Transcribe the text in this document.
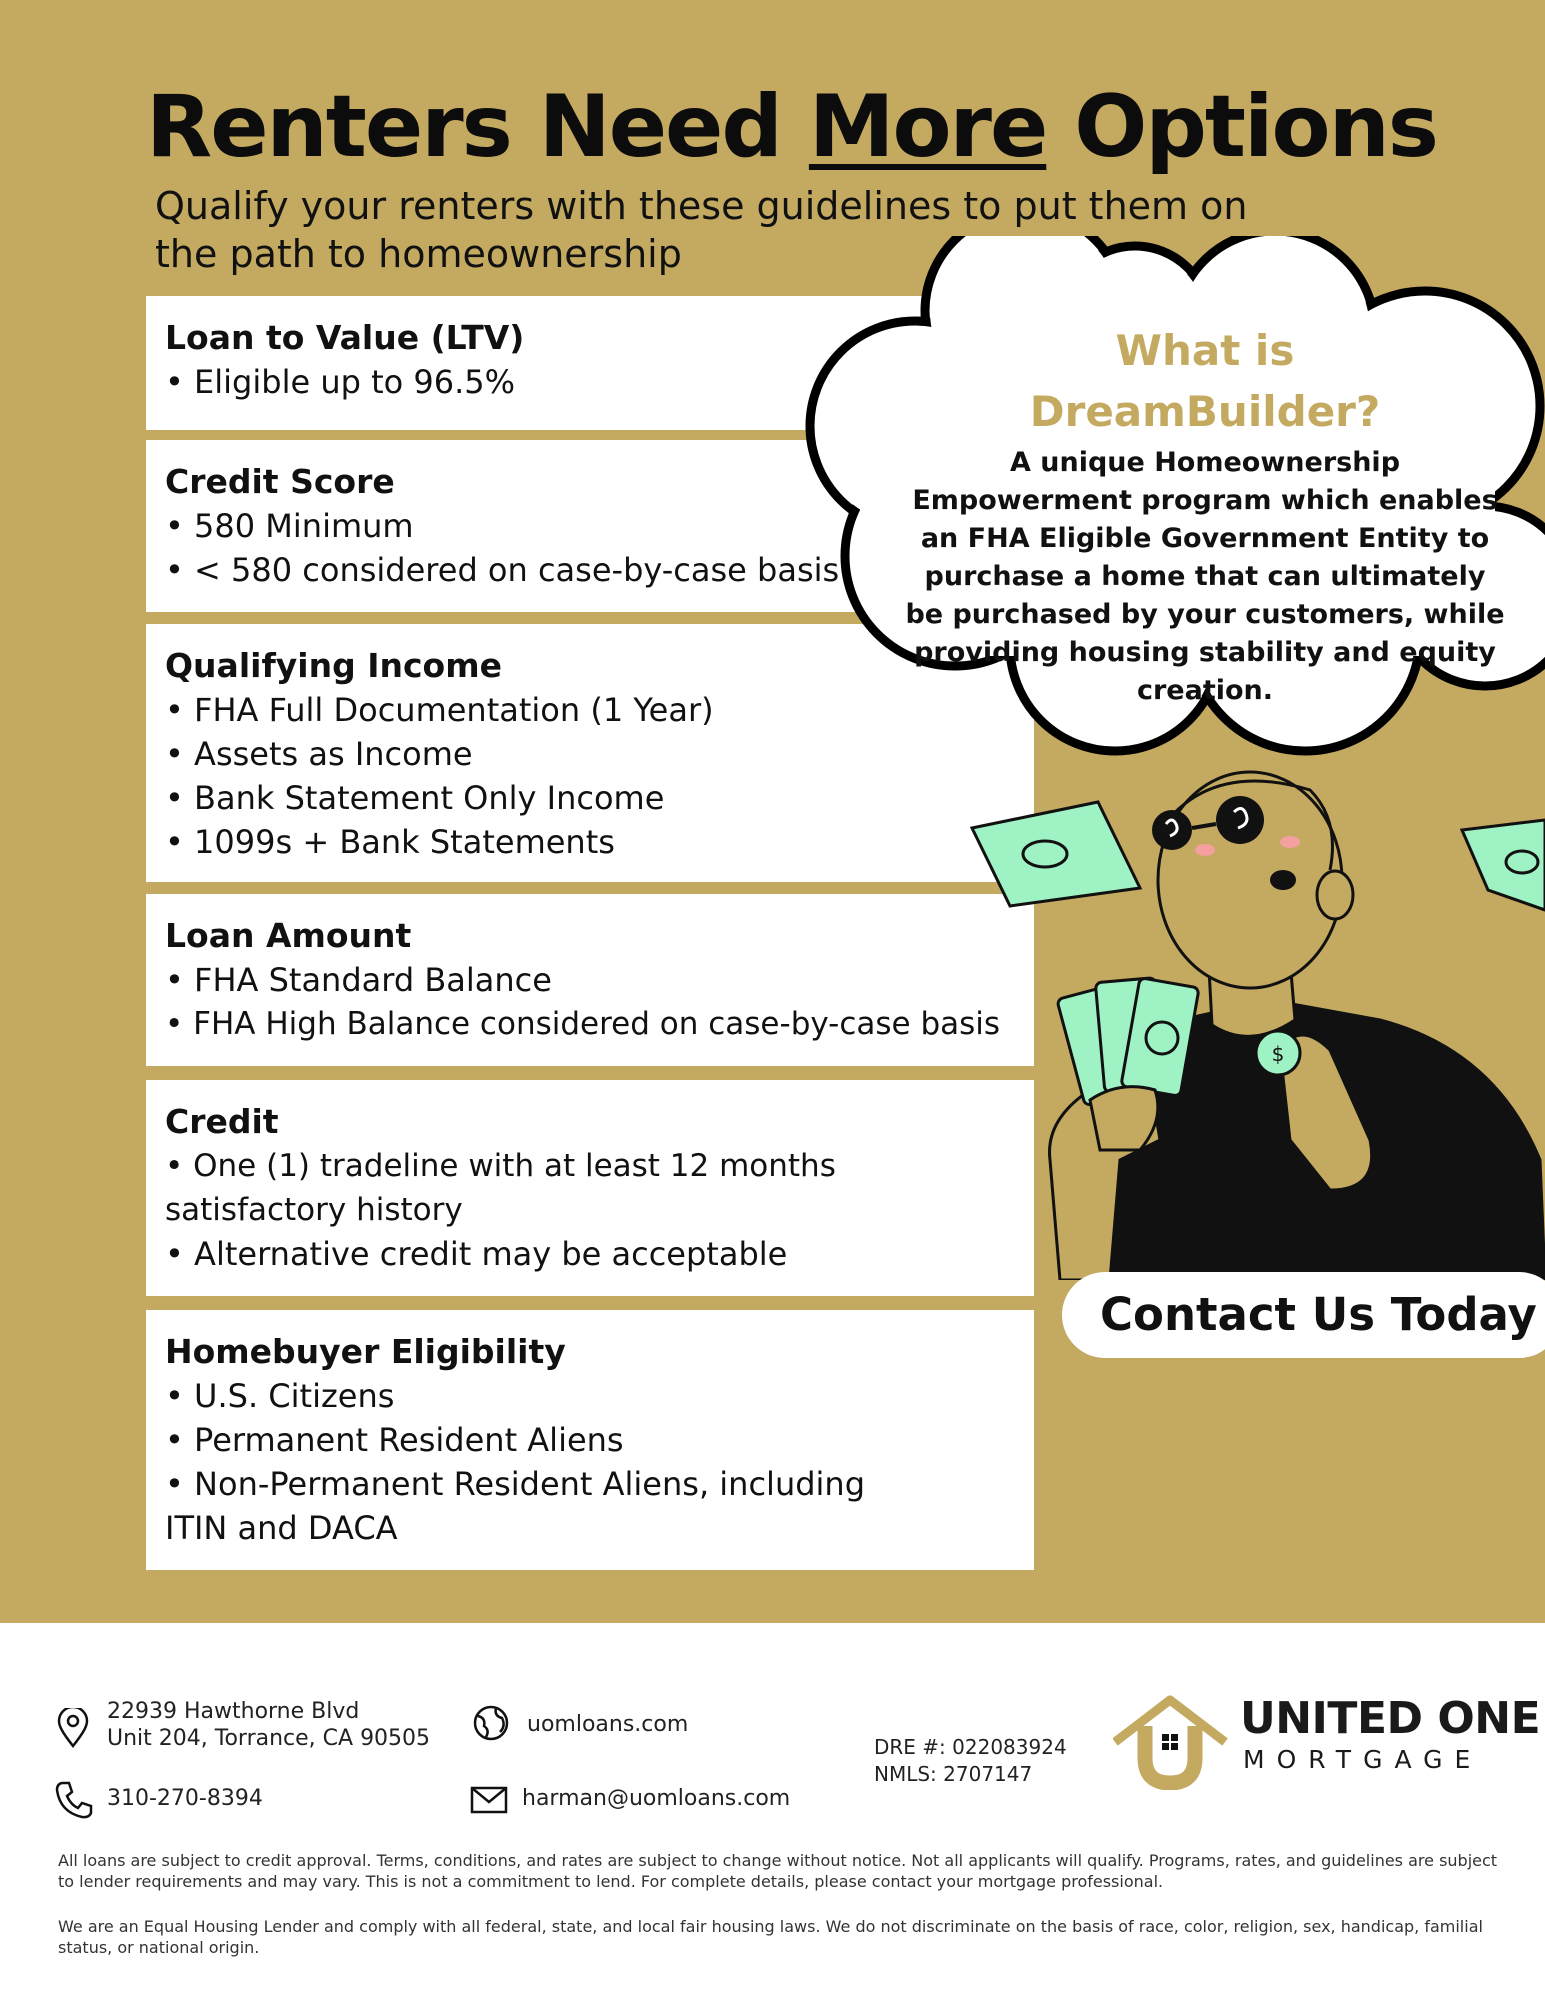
Renters Need More Options
Qualify your renters with these guidelines to put them on
the path to homeownership
Loan to Value (LTV)
• Eligible up to 96.5%
Credit Score
• 580 Minimum
• < 580 considered on case-by-case basis
Qualifying Income
• FHA Full Documentation (1 Year)
• Assets as Income
• Bank Statement Only Income
• 1099s + Bank Statements
Loan Amount
• FHA Standard Balance
• FHA High Balance considered on case-by-case basis
Credit
• One (1) tradeline with at least 12 months satisfactory history
• Alternative credit may be acceptable
Homebuyer Eligibility
• U.S. Citizens
• Permanent Resident Aliens
• Non-Permanent Resident Aliens, including ITIN and DACA
$
What is
DreamBuilder?
A unique Homeownership Empowerment program which enables an FHA Eligible Government Entity to purchase a home that can ultimately be purchased by your customers, while providing housing stability and equity creation.
Contact Us Today
22939 Hawthorne Blvd
Unit 204, Torrance, CA 90505
310-270-8394
uomloans.com
harman@uomloans.com
DRE #: 022083924
NMLS: 2707147
UNITED ONE
MORTGAGE
All loans are subject to credit approval. Terms, conditions, and rates are subject to change without notice. Not all applicants will qualify. Programs, rates, and guidelines are subject to lender requirements and may vary. This is not a commitment to lend. For complete details, please contact your mortgage professional.
We are an Equal Housing Lender and comply with all federal, state, and local fair housing laws. We do not discriminate on the basis of race, color, religion, sex, handicap, familial status, or national origin.
